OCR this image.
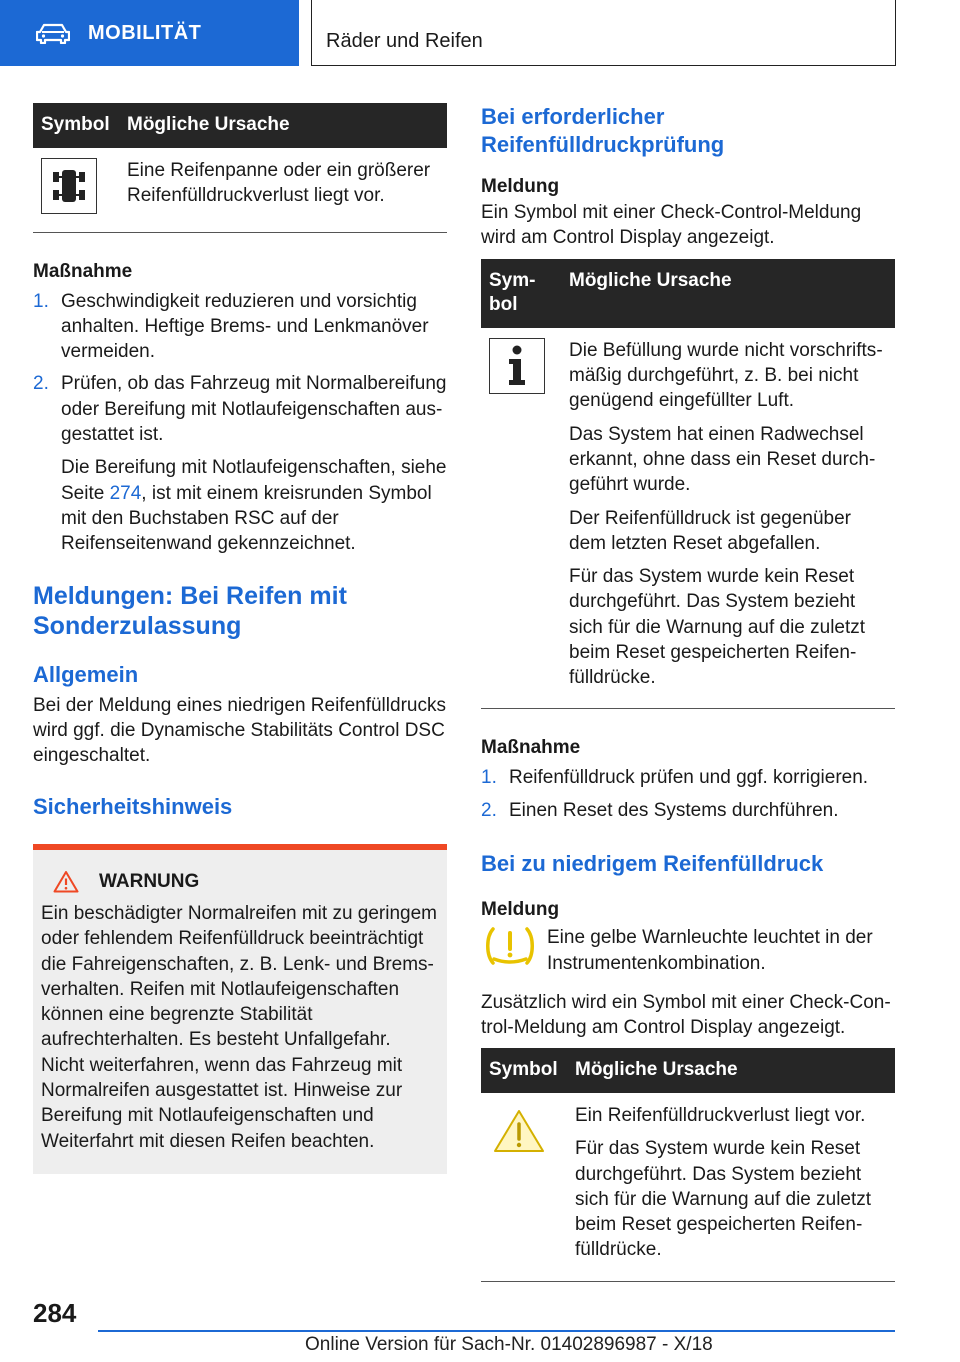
MOBILITÄT	Räder und Reifen
Symbol	Mögliche Ursache

	Eine Reifenpanne oder ein größerer Reifenfülldruckverlust liegt vor.
Maßnahme
1. Geschwindigkeit reduzieren und vorsichtig anhalten. Heftige Brems- und Lenkmanöver vermeiden.

2. Prüfen, ob das Fahrzeug mit Normalbereifung oder Bereifung mit Notlaufeigenschaften ausgestattet ist.

Die Bereifung mit Notlaufeigenschaften, siehe Seite 274, ist mit einem kreisrunden Symbol mit den Buchstaben RSC auf der Reifenseitenwand gekennzeichnet.

Meldungen: Bei Reifen mit Sonderzulassung
Allgemein
Bei der Meldung eines niedrigen Reifenfülldrucks wird ggf. die Dynamische Stabilitäts Control DSC eingeschaltet.
Sicherheitshinweis
WARNUNG
Ein beschädigter Normalreifen mit zu geringem oder fehlendem Reifenfülldruck beeinträchtigt die Fahreigenschaften, z. B. Lenk- und Bremsverhalten. Reifen mit Notlaufeigenschaften können eine begrenzte Stabilität aufrechterhalten. Es besteht Unfallgefahr. Nicht weiterfahren, wenn das Fahrzeug mit Normalreifen ausgestattet ist. Hinweise zur Bereifung mit Notlaufeigenschaften und Weiterfahrt mit diesen Reifen beachten.
Bei erforderlicher Reifenfülldruckprüfung
Meldung
Ein Symbol mit einer Check-Control-Meldung wird am Control Display angezeigt.
Symbol	Mögliche Ursache

Die Befüllung wurde nicht vorschriftsmäßig durchgeführt, z. B. bei nicht genügend eingefüllter Luft.

Das System hat einen Radwechsel erkannt, ohne dass ein Reset durchgeführt wurde.

Der Reifenfülldruck ist gegenüber dem letzten Reset abgefallen.

Für das System wurde kein Reset durchgeführt. Das System bezieht sich für die Warnung auf die zuletzt beim Reset gespeicherten Reifenfülldrücke.

Maßnahme
1. Reifenfülldruck prüfen und ggf. korrigieren.

2. Einen Reset des Systems durchführen.

Bei zu niedrigem Reifenfülldruck
Meldung
Eine gelbe Warnleuchte leuchtet in der Instrumentenkombination.
Zusätzlich wird ein Symbol mit einer Check-Control-Meldung am Control Display angezeigt.
Symbol	Mögliche Ursache

Ein Reifenfülldruckverlust liegt vor.

Für das System wurde kein Reset durchgeführt. Das System bezieht sich für die Warnung auf die zuletzt beim Reset gespeicherten Reifenfülldrücke.

284
Online Version für Sach-Nr. 01402896987 - X/18
